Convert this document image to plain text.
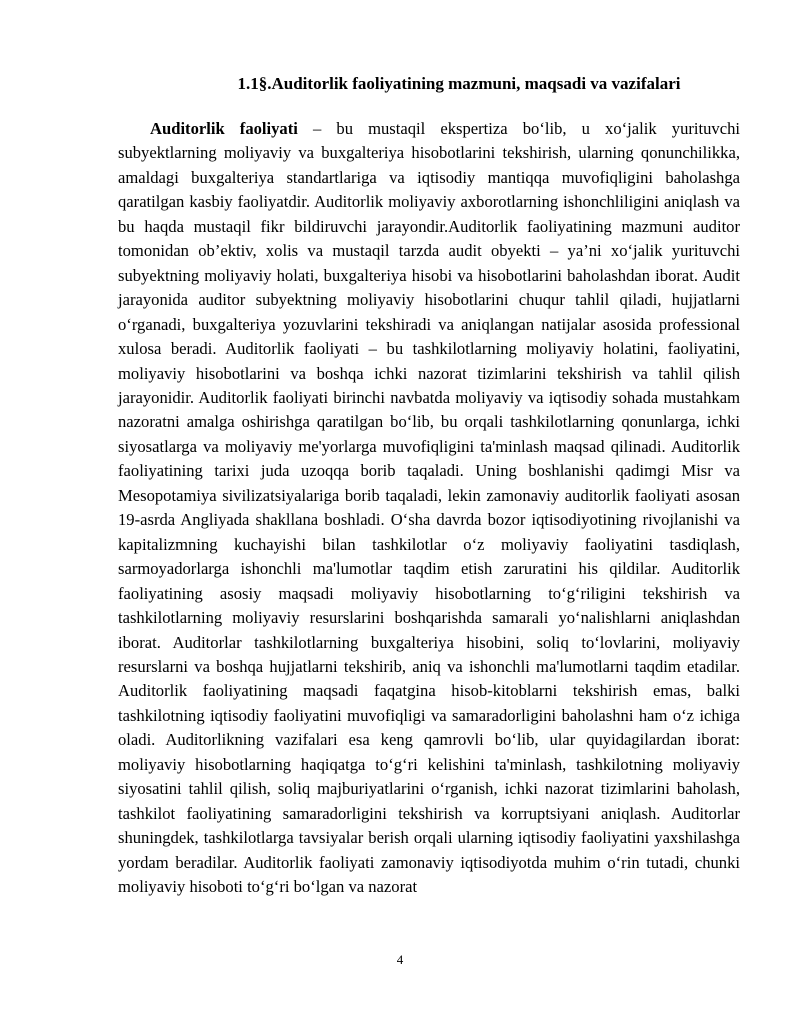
1.1§.Auditorlik faoliyatining mazmuni, maqsadi va vazifalari

Auditorlik faoliyati – bu mustaqil ekspertiza bo‘lib, u xo‘jalik yurituvchi subyektlarning moliyaviy va buxgalteriya hisobotlarini tekshirish, ularning qonunchilikka, amaldagi buxgalteriya standartlariga va iqtisodiy mantiqqa muvofiqligini baholashga qaratilgan kasbiy faoliyatdir. Auditorlik moliyaviy axborotlarning ishonchliligini aniqlash va bu haqda mustaqil fikr bildiruvchi jarayondir.Auditorlik faoliyatining mazmuni auditor tomonidan ob’ektiv, xolis va mustaqil tarzda audit obyekti – ya’ni xo‘jalik yurituvchi subyektning moliyaviy holati, buxgalteriya hisobi va hisobotlarini baholashdan iborat. Audit jarayonida auditor subyektning moliyaviy hisobotlarini chuqur tahlil qiladi, hujjatlarni o‘rganadi, buxgalteriya yozuvlarini tekshiradi va aniqlangan natijalar asosida professional xulosa beradi. Auditorlik faoliyati – bu tashkilotlarning moliyaviy holatini, faoliyatini, moliyaviy hisobotlarini va boshqa ichki nazorat tizimlarini tekshirish va tahlil qilish jarayonidir. Auditorlik faoliyati birinchi navbatda moliyaviy va iqtisodiy sohada mustahkam nazoratni amalga oshirishga qaratilgan bo‘lib, bu orqali tashkilotlarning qonunlarga, ichki siyosatlarga va moliyaviy me'yorlarga muvofiqligini ta'minlash maqsad qilinadi. Auditorlik faoliyatining tarixi juda uzoqqa borib taqaladi. Uning boshlanishi qadimgi Misr va Mesopotamiya sivilizatsiyalariga borib taqaladi, lekin zamonaviy auditorlik faoliyati asosan 19-asrda Angliyada shakllana boshladi. O‘sha davrda bozor iqtisodiyotining rivojlanishi va kapitalizmning kuchayishi bilan tashkilotlar o‘z moliyaviy faoliyatini tasdiqlash, sarmoyadorlarga ishonchli ma'lumotlar taqdim etish zaruratini his qildilar. Auditorlik faoliyatining asosiy maqsadi moliyaviy hisobotlarning to‘g‘riligini tekshirish va tashkilotlarning moliyaviy resurslarini boshqarishda samarali yo‘nalishlarni aniqlashdan iborat. Auditorlar tashkilotlarning buxgalteriya hisobini, soliq to‘lovlarini, moliyaviy resurslarni va boshqa hujjatlarni tekshirib, aniq va ishonchli ma'lumotlarni taqdim etadilar. Auditorlik faoliyatining maqsadi faqatgina hisob-kitoblarni tekshirish emas, balki tashkilotning iqtisodiy faoliyatini muvofiqligi va samaradorligini baholashni ham o‘z ichiga oladi. Auditorlikning vazifalari esa keng qamrovli bo‘lib, ular quyidagilardan iborat: moliyaviy hisobotlarning haqiqatga to‘g‘ri kelishini ta'minlash, tashkilotning moliyaviy siyosatini tahlil qilish, soliq majburiyatlarini o‘rganish, ichki nazorat tizimlarini baholash, tashkilot faoliyatining samaradorligini tekshirish va korruptsiyani aniqlash. Auditorlar shuningdek, tashkilotlarga tavsiyalar berish orqali ularning iqtisodiy faoliyatini yaxshilashga yordam beradilar. Auditorlik faoliyati zamonaviy iqtisodiyotda muhim o‘rin tutadi, chunki moliyaviy hisoboti to‘g‘ri bo‘lgan va nazorat

4
